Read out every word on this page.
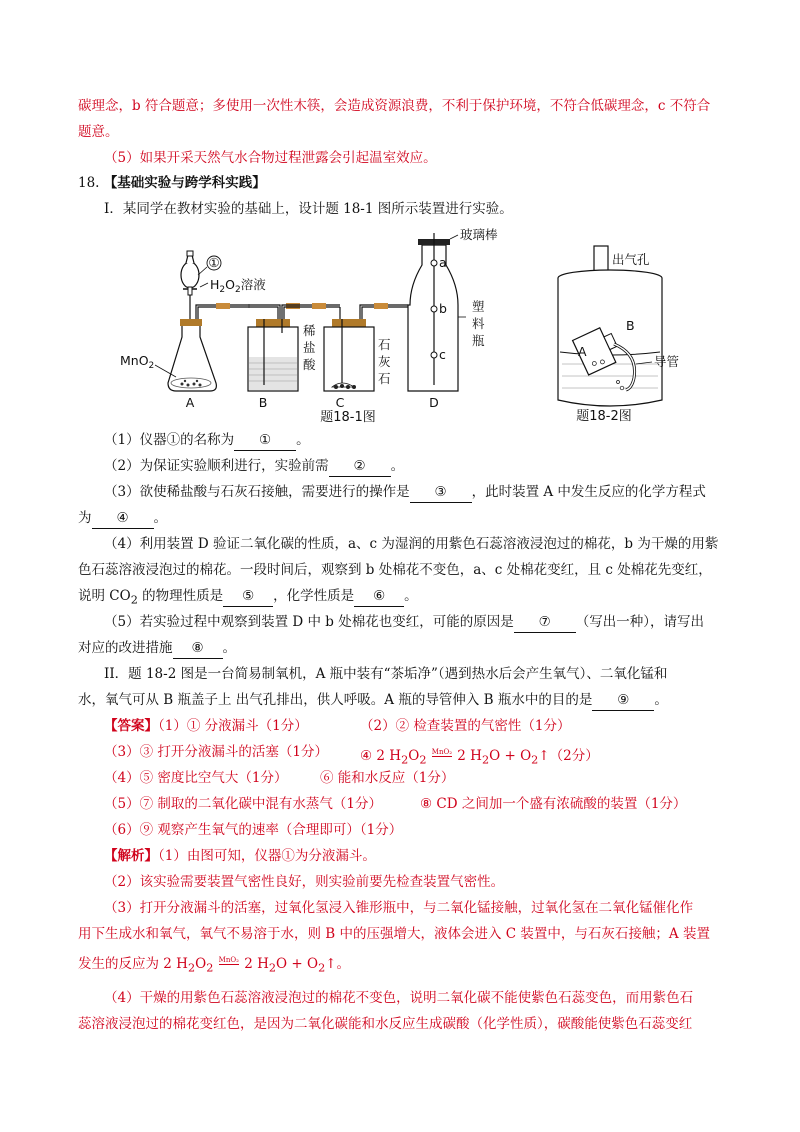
碳理念，b 符合题意；多使用一次性木筷，会造成资源浪费，不利于保护环境，不符合低碳理念，c 不符合
题意。
（5）如果开采天然气水合物过程泄露会引起温室效应。
18. 【基础实验与跨学科实践】
I．某同学在教材实验的基础上，设计题 18-1 图所示装置进行实验。
①
$H_2O_2$溶液
MnO$_2$
稀
盐
酸
石
灰
石
玻璃棒
a
b
c
塑
料
瓶
A	B	C	D
题18-1图
出气孔
B
A
导管
题18-2图
（1）仪器①的名称为 ① 。
（2）为保证实验顺利进行，实验前需 ② 。
（3）欲使稀盐酸与石灰石接触，需要进行的操作是 ③ ，此时装置 A 中发生反应的化学方程式
为 ④ 。
（4）利用装置 D 验证二氧化碳的性质，a、c 为湿润的用紫色石蕊溶液浸泡过的棉花，b 为干燥的用紫
色石蕊溶液浸泡过的棉花。一段时间后，观察到 b 处棉花不变色，a、c 处棉花变红，且 c 处棉花先变红，
说明 $CO_2$ 的物理性质是 ⑤ ，化学性质是 ⑥ 。
（5）若实验过程中观察到装置 D 中 b 处棉花也变红，可能的原因是 ⑦ （写出一种），请写出
对应的改进措施 ⑧ 。
II．题 18-2 图是一台简易制氧机，A 瓶中装有“茶垢净”（遇到热水后会产生氧气）、二氧化锰和
水，氧气可从 B 瓶盖子上 出气孔排出，供人呼吸。A 瓶的导管伸入 B 瓶水中的目的是 ⑨ 。
【答案】（1）① 分液漏斗（1分）	（2）② 检查装置的气密性（1分）
（3）③ 打开分液漏斗的活塞（1分） ④ 2 $H_2O_2$ $^{MnO_2}$ 2 $H_2O$ + $O_2↑(2$分）
（4）⑤ 密度比空气大（1分） ⑥ 能和水反应（1分）
（5）⑦ 制取的二氧化碳中混有水蒸气（1分）	⑧ CD 之间加一个盛有浓硫酸的装置（1分）
（6）⑨ 观察产生氧气的速率（合理即可）（1分）
【解析】（1）由图可知，仪器①为分液漏斗。
（2）该实验需要装置气密性良好，则实验前要先检查装置气密性。
（3）打开分液漏斗的活塞，过氧化氢浸入锥形瓶中，与二氧化锰接触，过氧化氢在二氧化锰催化作
用下生成水和氧气，氧气不易溶于水，则 B 中的压强增大，液体会进入 C 装置中，与石灰石接触；A 装置
发生的反应为 2 $H_2O_2$ $^{MnO_2}$ 2 $H_2O$ + $O_2↑$。
（4）干燥的用紫色石蕊溶液浸泡过的棉花不变色，说明二氧化碳不能使紫色石蕊变色，而用紫色石
蕊溶液浸泡过的棉花变红色，是因为二氧化碳能和水反应生成碳酸（化学性质），碳酸能使紫色石蕊变红
